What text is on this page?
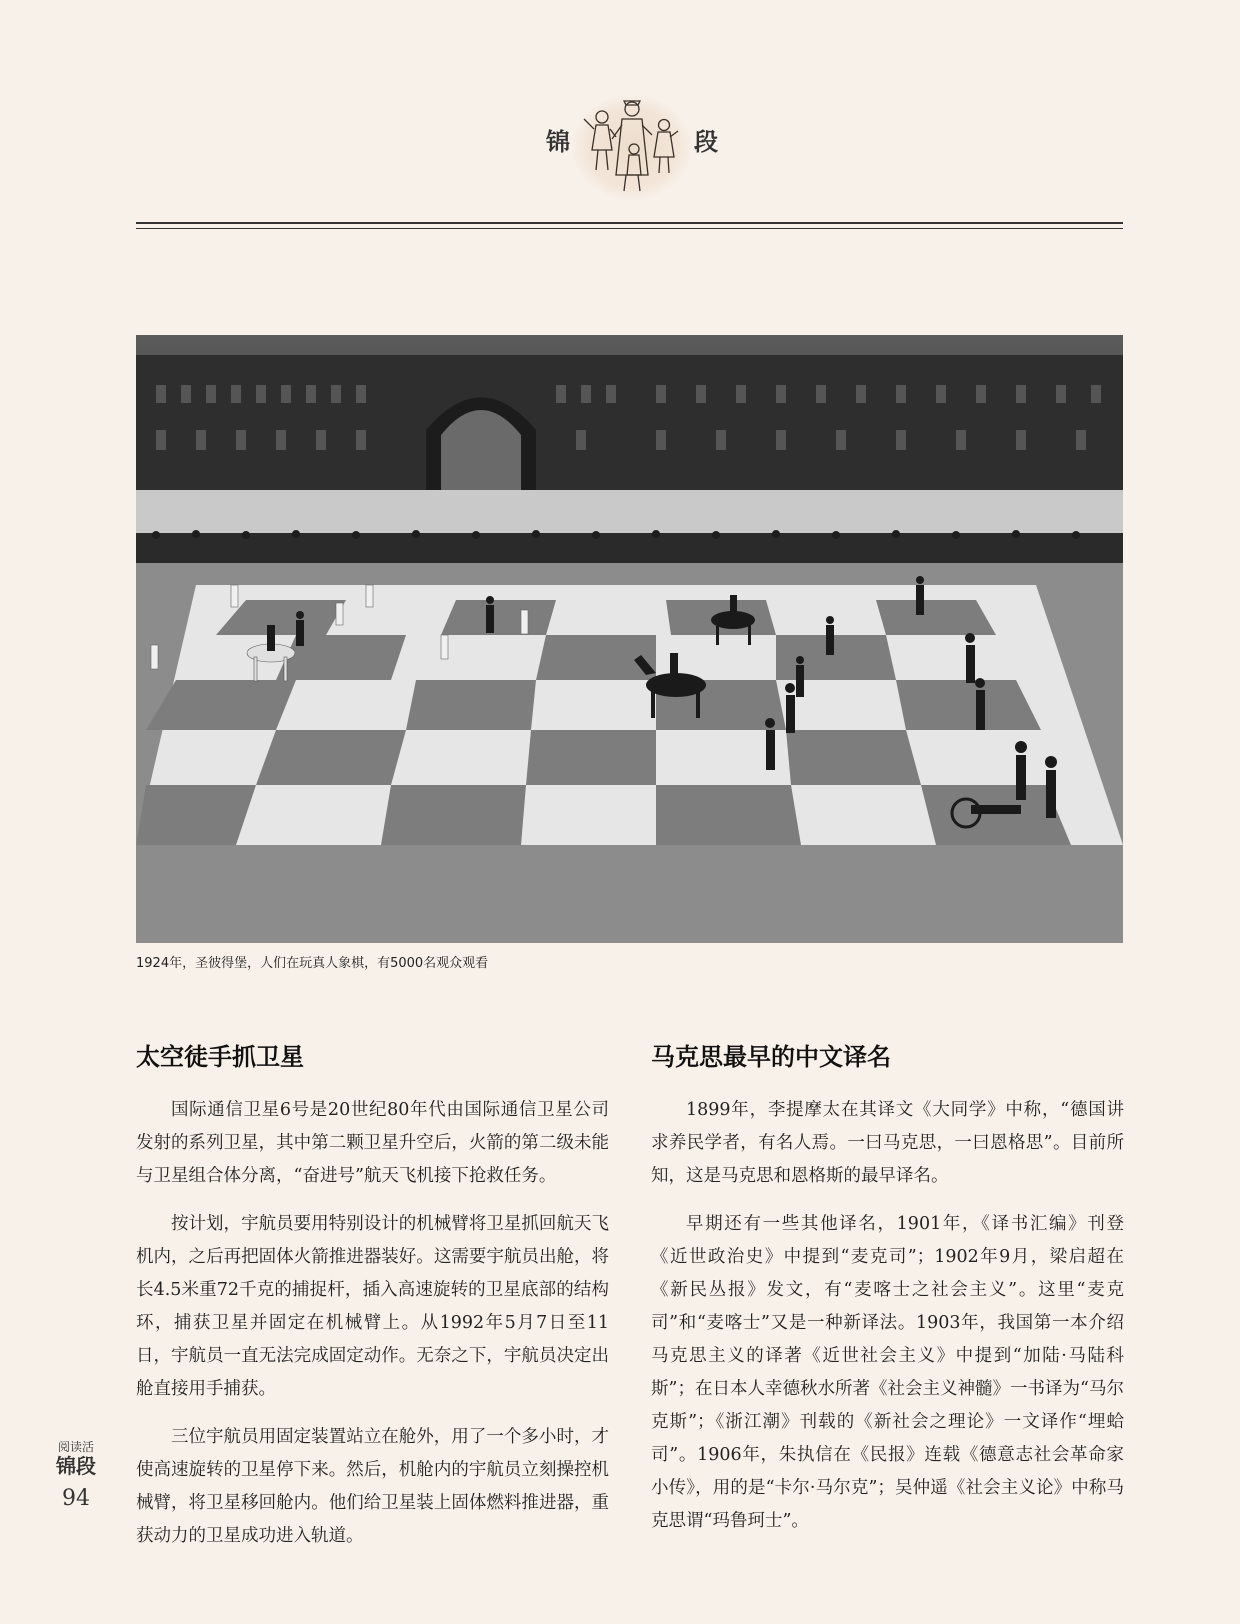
锦	段
1924年，圣彼得堡，人们在玩真人象棋，有5000名观众观看
太空徒手抓卫星

国际通信卫星6号是20世纪80年代由国际通信卫星公司发射的系列卫星，其中第二颗卫星升空后，火箭的第二级未能与卫星组合体分离，“奋进号”航天飞机接下抢救任务。

按计划，宇航员要用特别设计的机械臂将卫星抓回航天飞机内，之后再把固体火箭推进器装好。这需要宇航员出舱，将长4.5米重72千克的捕捉杆，插入高速旋转的卫星底部的结构环，捕获卫星并固定在机械臂上。从1992年5月7日至11日，宇航员一直无法完成固定动作。无奈之下，宇航员决定出舱直接用手捕获。

三位宇航员用固定装置站立在舱外，用了一个多小时，才使高速旋转的卫星停下来。然后，机舱内的宇航员立刻操控机械臂，将卫星移回舱内。他们给卫星装上固体燃料推进器，重获动力的卫星成功进入轨道。

马克思最早的中文译名

1899年，李提摩太在其译文《大同学》中称，“德国讲求养民学者，有名人焉。一曰马克思，一曰恩格思”。目前所知，这是马克思和恩格斯的最早译名。

早期还有一些其他译名，1901年，《译书汇编》刊登《近世政治史》中提到“麦克司”；1902年9月，梁启超在《新民丛报》发文，有“麦喀士之社会主义”。这里“麦克司”和“麦喀士”又是一种新译法。1903年，我国第一本介绍马克思主义的译著《近世社会主义》中提到“加陆·马陆科斯”；在日本人幸德秋水所著《社会主义神髓》一书译为“马尔克斯”；《浙江潮》刊载的《新社会之理论》一文译作“埋蛤司”。1906年，朱执信在《民报》连载《德意志社会革命家小传》，用的是“卡尔·马尔克”；吴仲遥《社会主义论》中称马克思谓“玛鲁珂士”。

阅读活
锦段
94
